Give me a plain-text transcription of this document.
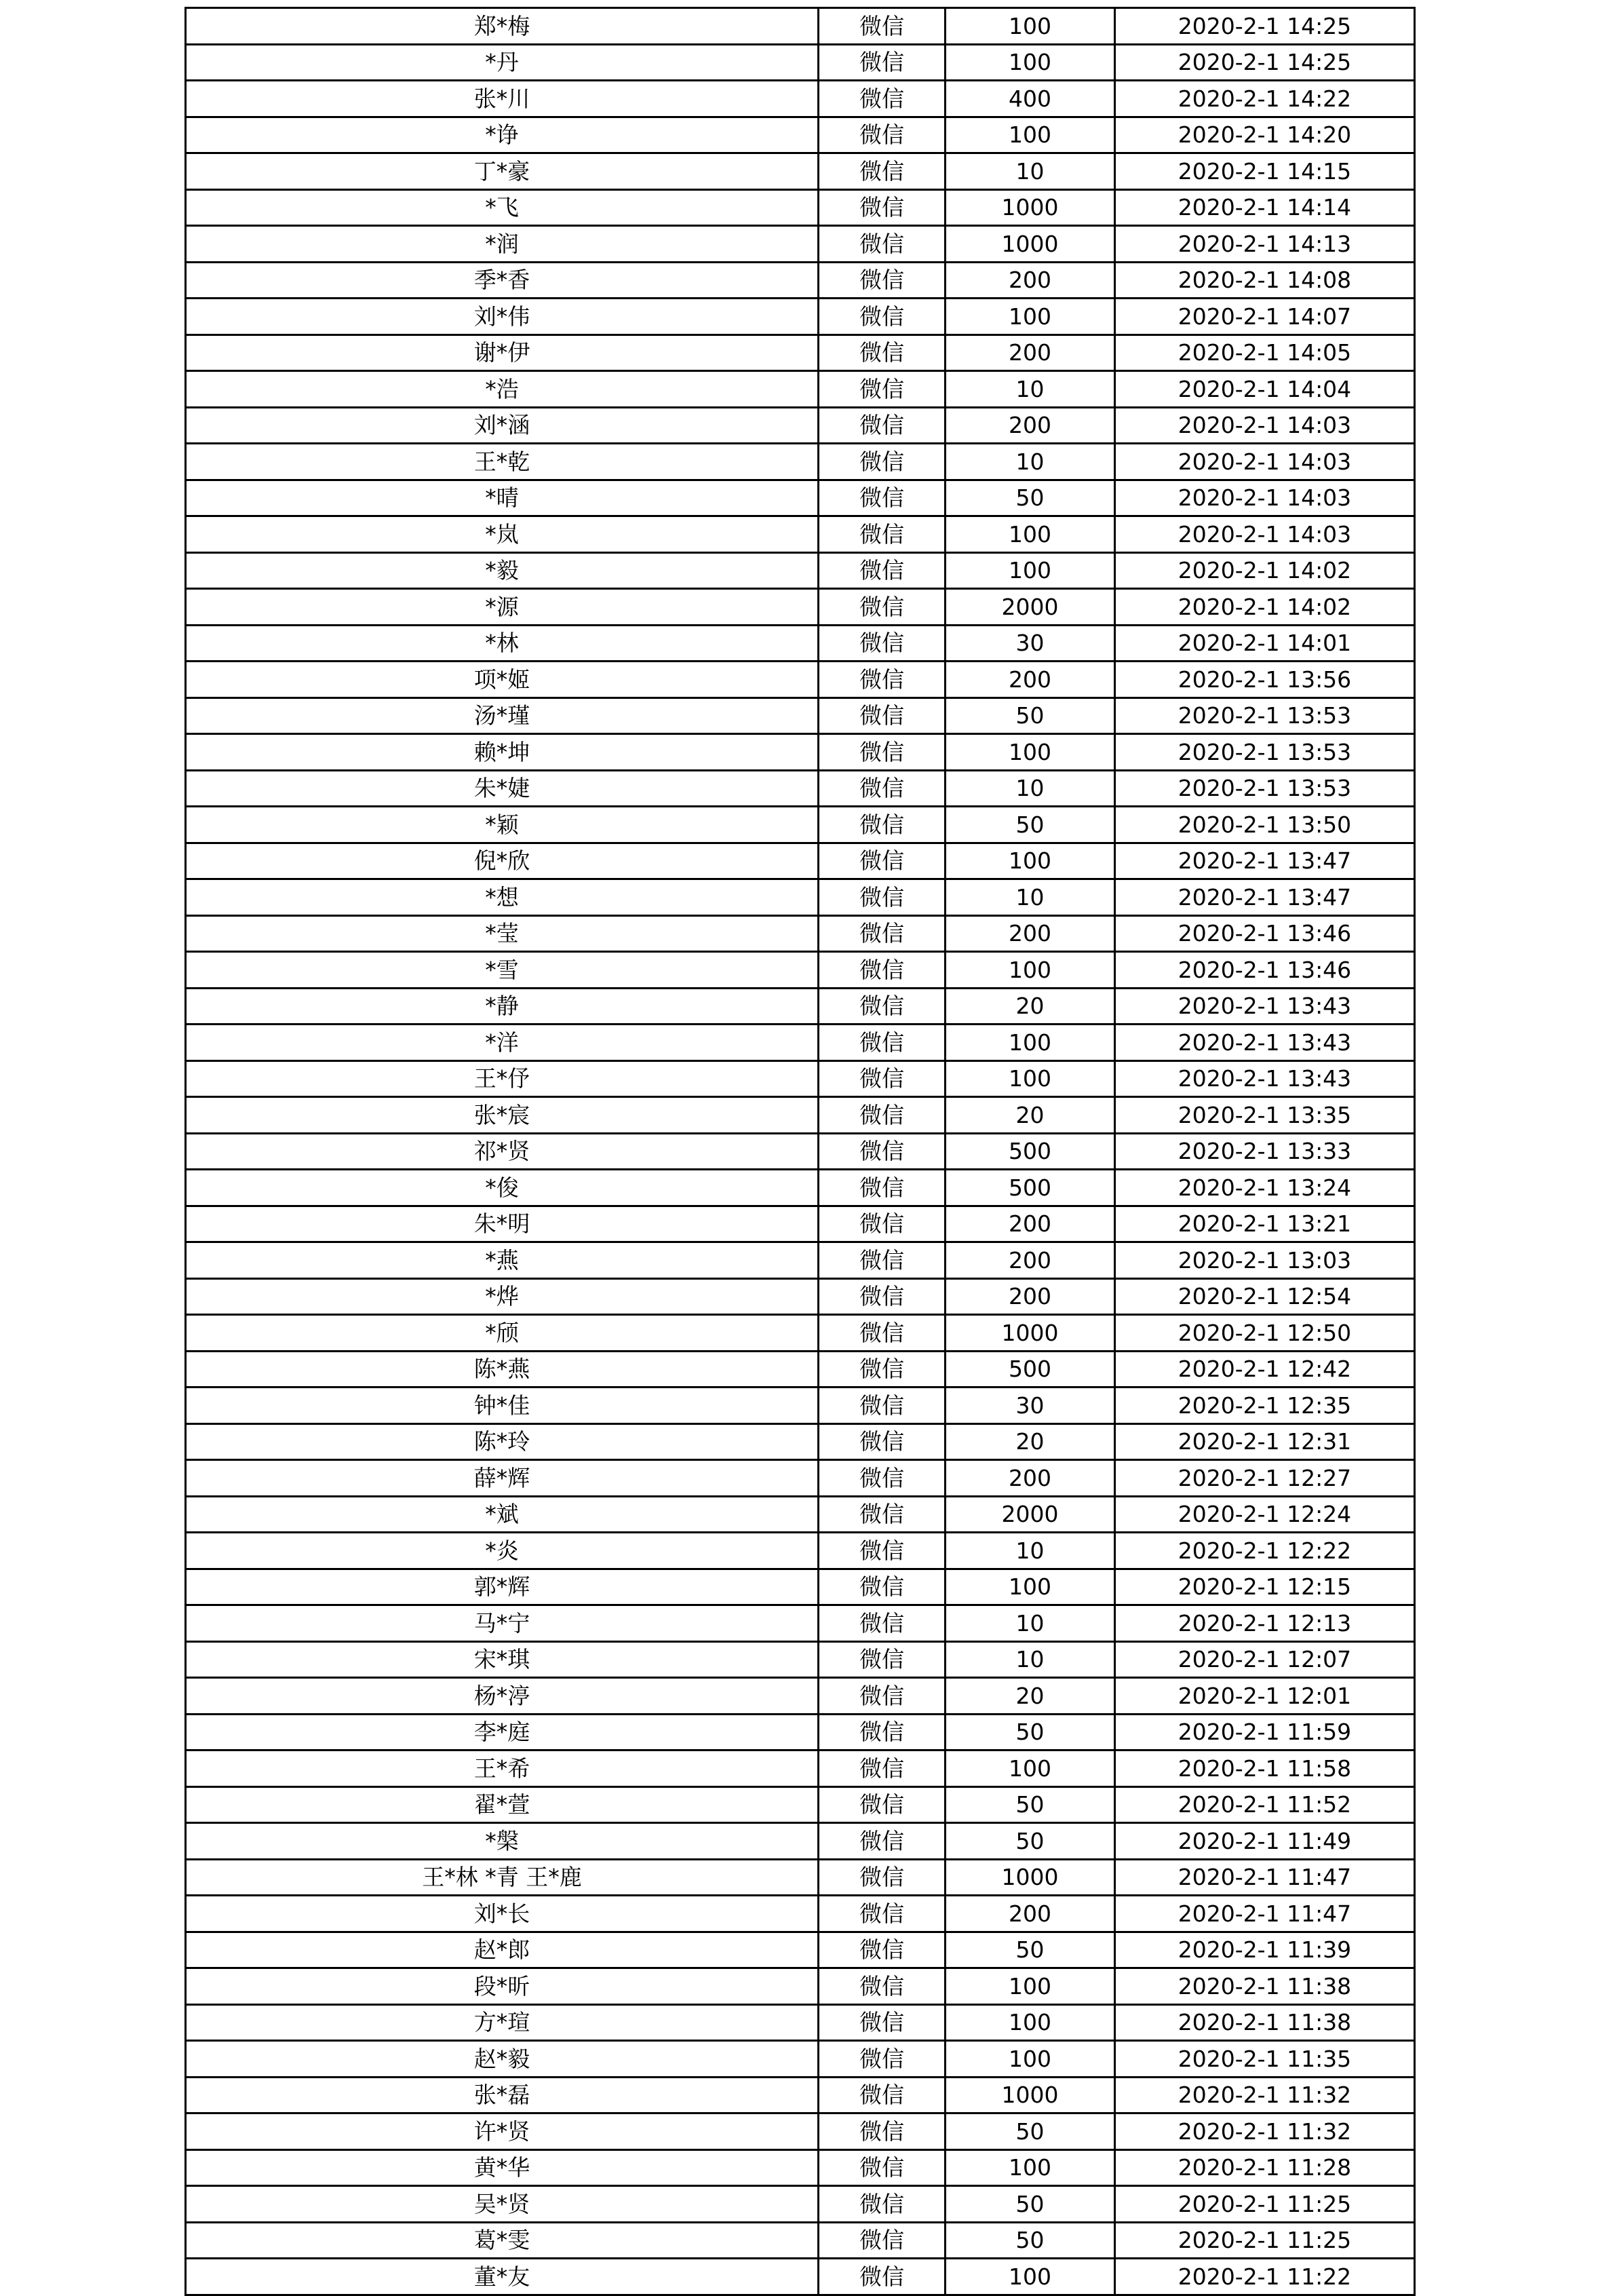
郑*梅	微信	100	2020-2-1 14:25
*丹	微信	100	2020-2-1 14:25
张*川	微信	400	2020-2-1 14:22
*诤	微信	100	2020-2-1 14:20
丁*豪	微信	10	2020-2-1 14:15
*飞	微信	1000	2020-2-1 14:14
*润	微信	1000	2020-2-1 14:13
季*香	微信	200	2020-2-1 14:08
刘*伟	微信	100	2020-2-1 14:07
谢*伊	微信	200	2020-2-1 14:05
*浩	微信	10	2020-2-1 14:04
刘*涵	微信	200	2020-2-1 14:03
王*乾	微信	10	2020-2-1 14:03
*晴	微信	50	2020-2-1 14:03
*岚	微信	100	2020-2-1 14:03
*毅	微信	100	2020-2-1 14:02
*源	微信	2000	2020-2-1 14:02
*林	微信	30	2020-2-1 14:01
项*姬	微信	200	2020-2-1 13:56
汤*瑾	微信	50	2020-2-1 13:53
赖*坤	微信	100	2020-2-1 13:53
朱*婕	微信	10	2020-2-1 13:53
*颖	微信	50	2020-2-1 13:50
倪*欣	微信	100	2020-2-1 13:47
*想	微信	10	2020-2-1 13:47
*莹	微信	200	2020-2-1 13:46
*雪	微信	100	2020-2-1 13:46
*静	微信	20	2020-2-1 13:43
*洋	微信	100	2020-2-1 13:43
王*伃	微信	100	2020-2-1 13:43
张*宸	微信	20	2020-2-1 13:35
祁*贤	微信	500	2020-2-1 13:33
*俊	微信	500	2020-2-1 13:24
朱*明	微信	200	2020-2-1 13:21
*燕	微信	200	2020-2-1 13:03
*烨	微信	200	2020-2-1 12:54
*颀	微信	1000	2020-2-1 12:50
陈*燕	微信	500	2020-2-1 12:42
钟*佳	微信	30	2020-2-1 12:35
陈*玲	微信	20	2020-2-1 12:31
薛*辉	微信	200	2020-2-1 12:27
*斌	微信	2000	2020-2-1 12:24
*炎	微信	10	2020-2-1 12:22
郭*辉	微信	100	2020-2-1 12:15
马*宁	微信	10	2020-2-1 12:13
宋*琪	微信	10	2020-2-1 12:07
杨*渟	微信	20	2020-2-1 12:01
李*庭	微信	50	2020-2-1 11:59
王*希	微信	100	2020-2-1 11:58
翟*萱	微信	50	2020-2-1 11:52
*槃	微信	50	2020-2-1 11:49
王*林 *青 王*鹿	微信	1000	2020-2-1 11:47
刘*长	微信	200	2020-2-1 11:47
赵*郎	微信	50	2020-2-1 11:39
段*昕	微信	100	2020-2-1 11:38
方*瑄	微信	100	2020-2-1 11:38
赵*毅	微信	100	2020-2-1 11:35
张*磊	微信	1000	2020-2-1 11:32
许*贤	微信	50	2020-2-1 11:32
黄*华	微信	100	2020-2-1 11:28
吴*贤	微信	50	2020-2-1 11:25
葛*雯	微信	50	2020-2-1 11:25
董*友	微信	100	2020-2-1 11:22
